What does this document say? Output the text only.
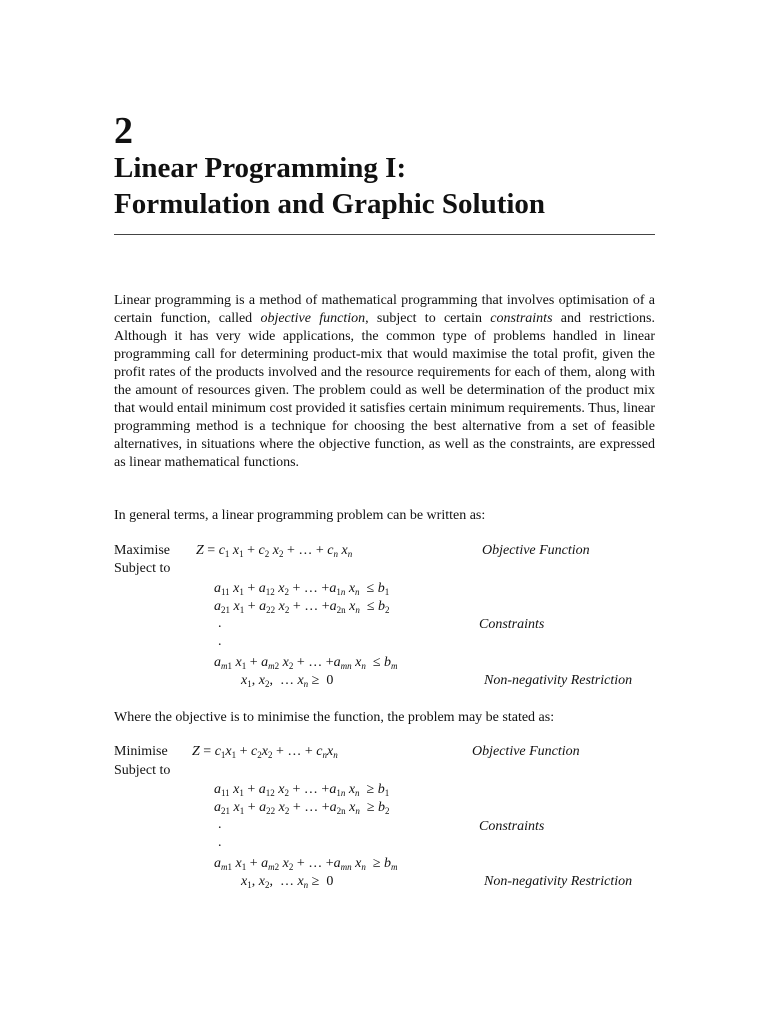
2
Linear Programming I:
Formulation and Graphic Solution

Linear programming is a method of mathematical programming that involves optimisation of a certain function, called objective function, subject to certain constraints and restrictions. Although it has very wide applications, the common type of problems handled in linear programming call for determining product-mix that would maximise the total profit, given the profit rates of the products involved and the resource requirements for each of them, along with the amount of resources given. The problem could as well be determination of the product mix that would entail minimum cost provided it satisfies certain minimum requirements. Thus, linear programming method is a technique for choosing the best alternative from a set of feasible alternatives, in situations where the objective function, as well as the constraints, are expressed as linear mathematical functions.

In general terms, a linear programming problem can be written as:
Maximise $Z = c_1$ $x_1 + c_2$ $x_2$ + … + $c_n$ $x_n$	Objective Function
Subject to
$a_{11}$ $x_1 + a_{12}$ $x_2$ + … $+a_{1n}$ $x_n \le b_1$
$a_{21}$ $x_1 + a_{22}$ $x_2$ + … $+a_{2n}$ $x_n \le b_2$
.	Constraints
.
$a_{m1}$ $x_1 + a_{m2}$ $x_2$ + … $+a_{mn}$ $x_n \le b_m$
$x_1$, $x_2$,  … $x_n \ge 0$	Non-negativity Restriction
Where the objective is to minimise the function, the problem may be stated as:
Minimise $Z = c_1x_1 + c_2x_2$ + … + $c_nx_n$	Objective Function
Subject to
$a_{11}$ $x_1 + a_{12}$ $x_2$ + … $+a_{1n}$ $x_n \ge b_1$
$a_{21}$ $x_1 + a_{22}$ $x_2$ + … $+a_{2n}$ $x_n \ge b_2$
.	Constraints
.
$a_{m1}$ $x_1 + a_{m2}$ $x_2$ + … $+a_{mn}$ $x_n \ge b_m$
$x_1$, $x_2$,  … $x_n \ge 0$	Non-negativity Restriction
